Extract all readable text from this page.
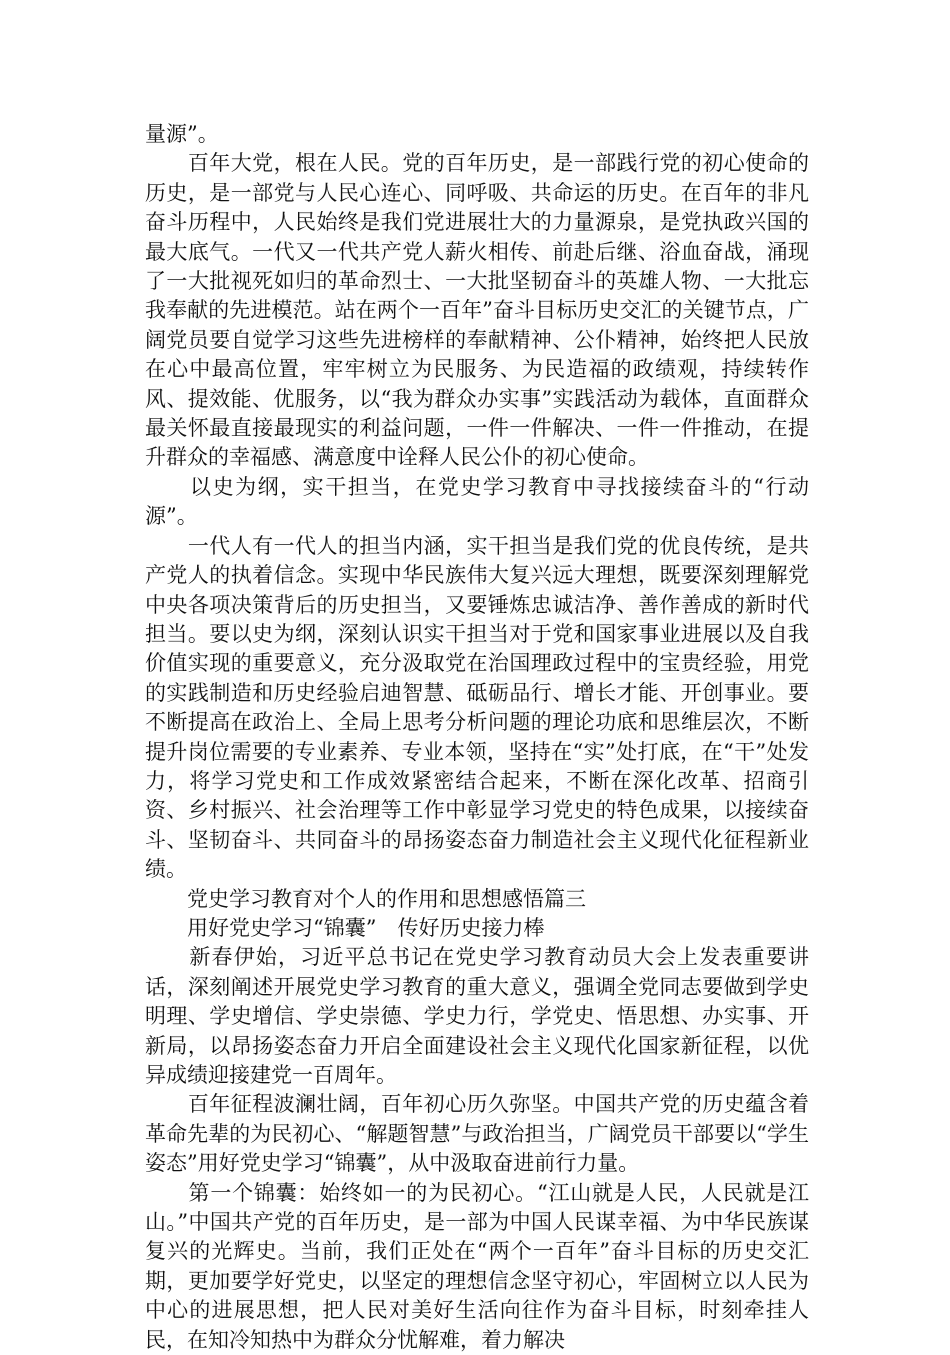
量源”。

　　百年大党，根在人民。党的百年历史，是一部践行党的初心使命的历史，是一部党与人民心连心、同呼吸、共命运的历史。在百年的非凡奋斗历程中，人民始终是我们党进展壮大的力量源泉，是党执政兴国的最大底气。一代又一代共产党人薪火相传、前赴后继、浴血奋战，涌现了一大批视死如归的革命烈士、一大批坚韧奋斗的英雄人物、一大批忘我奉献的先进模范。站在两个一百年”奋斗目标历史交汇的关键节点，广阔党员要自觉学习这些先进榜样的奉献精神、公仆精神，始终把人民放在心中最高位置，牢牢树立为民服务、为民造福的政绩观，持续转作风、提效能、优服务，以“我为群众办实事”实践活动为载体，直面群众最关怀最直接最现实的利益问题，一件一件解决、一件一件推动，在提升群众的幸福感、满意度中诠释人民公仆的初心使命。

　　以史为纲，实干担当，在党史学习教育中寻找接续奋斗的“行动源”。

　　一代人有一代人的担当内涵，实干担当是我们党的优良传统，是共产党人的执着信念。实现中华民族伟大复兴远大理想，既要深刻理解党中央各项决策背后的历史担当，又要锤炼忠诚洁净、善作善成的新时代担当。要以史为纲，深刻认识实干担当对于党和国家事业进展以及自我价值实现的重要意义，充分汲取党在治国理政过程中的宝贵经验，用党的实践制造和历史经验启迪智慧、砥砺品行、增长才能、开创事业。要不断提高在政治上、全局上思考分析问题的理论功底和思维层次，不断提升岗位需要的专业素养、专业本领，坚持在“实”处打底，在“干”处发力，将学习党史和工作成效紧密结合起来，不断在深化改革、招商引资、乡村振兴、社会治理等工作中彰显学习党史的特色成果，以接续奋斗、坚韧奋斗、共同奋斗的昂扬姿态奋力制造社会主义现代化征程新业绩。

　　党史学习教育对个人的作用和思想感悟篇三

　　用好党史学习“锦囊”　传好历史接力棒

　　新春伊始，习近平总书记在党史学习教育动员大会上发表重要讲话，深刻阐述开展党史学习教育的重大意义，强调全党同志要做到学史明理、学史增信、学史崇德、学史力行，学党史、悟思想、办实事、开新局，以昂扬姿态奋力开启全面建设社会主义现代化国家新征程，以优异成绩迎接建党一百周年。

　　百年征程波澜壮阔，百年初心历久弥坚。中国共产党的历史蕴含着革命先辈的为民初心、“解题智慧”与政治担当，广阔党员干部要以“学生姿态”用好党史学习“锦囊”，从中汲取奋进前行力量。

　　第一个锦囊：始终如一的为民初心。“江山就是人民，人民就是江山。”中国共产党的百年历史，是一部为中国人民谋幸福、为中华民族谋复兴的光辉史。当前，我们正处在“两个一百年”奋斗目标的历史交汇期，更加要学好党史，以坚定的理想信念坚守初心，牢固树立以人民为中心的进展思想，把人民对美好生活向往作为奋斗目标，时刻牵挂人民，在知冷知热中为群众分忧解难，着力解决
